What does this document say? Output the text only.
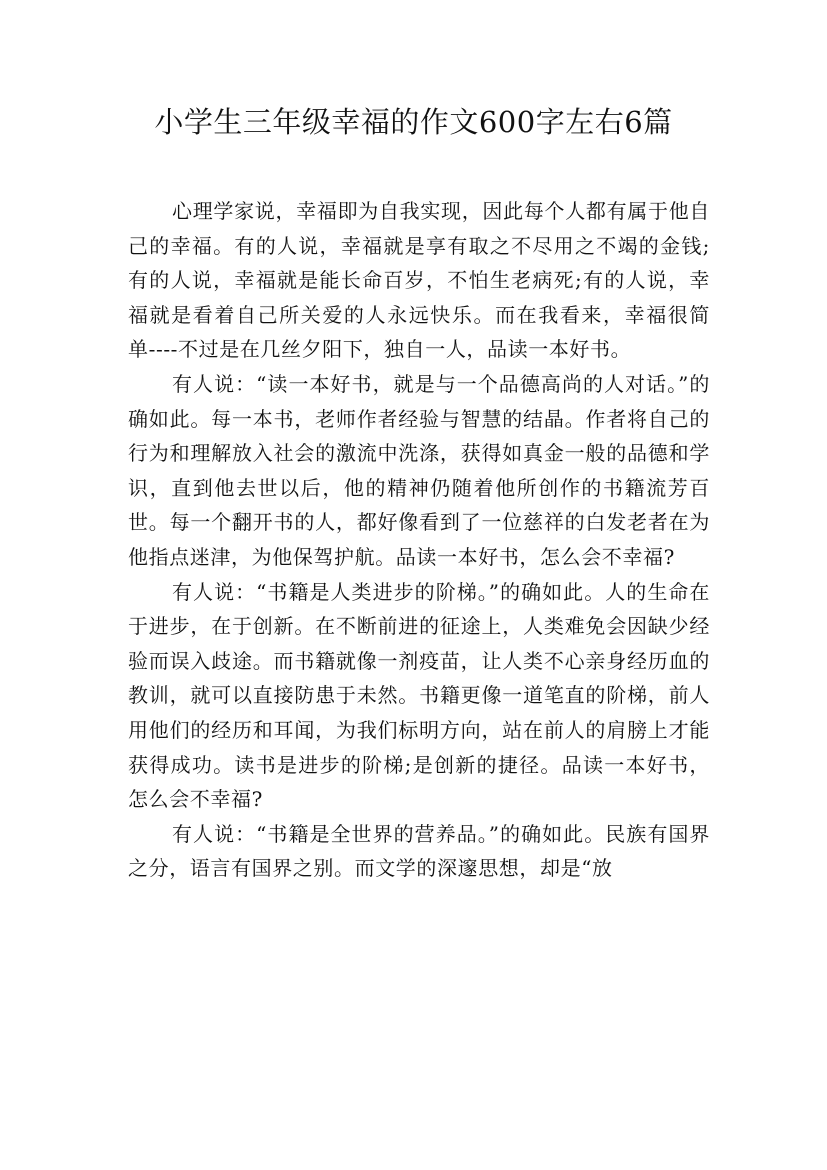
小学生三年级幸福的作文600字左右6篇

心理学家说，幸福即为自我实现，因此每个人都有属于他自己的幸福。有的人说，幸福就是享有取之不尽用之不竭的金钱;有的人说，幸福就是能长命百岁，不怕生老病死;有的人说，幸福就是看着自己所关爱的人永远快乐。而在我看来，幸福很简单----不过是在几丝夕阳下，独自一人，品读一本好书。

有人说：“读一本好书，就是与一个品德高尚的人对话。”的确如此。每一本书，老师作者经验与智慧的结晶。作者将自己的行为和理解放入社会的激流中洗涤，获得如真金一般的品德和学识，直到他去世以后，他的精神仍随着他所创作的书籍流芳百世。每一个翻开书的人，都好像看到了一位慈祥的白发老者在为他指点迷津，为他保驾护航。品读一本好书，怎么会不幸福?

有人说：“书籍是人类进步的阶梯。”的确如此。人的生命在于进步，在于创新。在不断前进的征途上，人类难免会因缺少经验而误入歧途。而书籍就像一剂疫苗，让人类不心亲身经历血的教训，就可以直接防患于未然。书籍更像一道笔直的阶梯，前人用他们的经历和耳闻，为我们标明方向，站在前人的肩膀上才能获得成功。读书是进步的阶梯;是创新的捷径。品读一本好书，怎么会不幸福?

有人说：“书籍是全世界的营养品。”的确如此。民族有国界之分，语言有国界之别。而文学的深邃思想，却是“放
